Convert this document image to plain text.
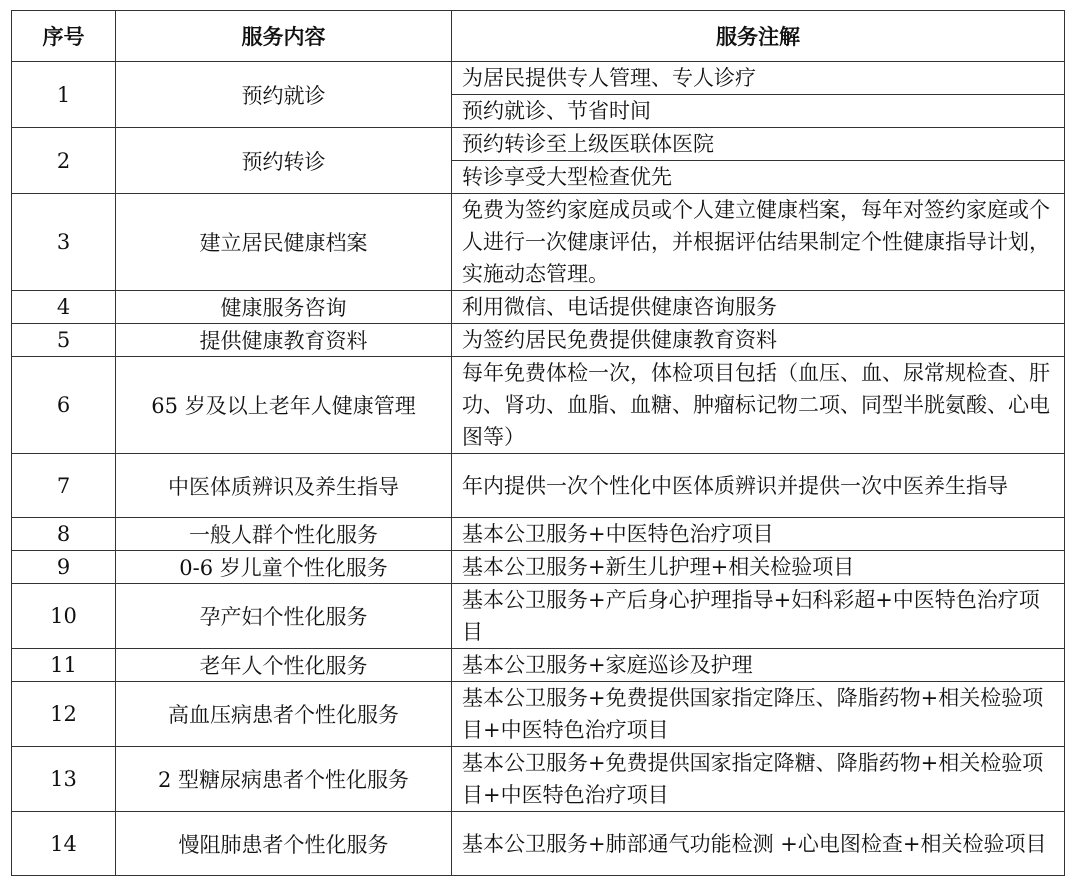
序号	服务内容	服务注解
1	预约就诊	为居民提供专人管理、专人诊疗
		预约就诊、节省时间
2	预约转诊	预约转诊至上级医联体医院
		转诊享受大型检查优先
3	建立居民健康档案	免费为签约家庭成员或个人建立健康档案，每年对签约家庭或个人进行一次健康评估，并根据评估结果制定个性健康指导计划，实施动态管理。
4	健康服务咨询	利用微信、电话提供健康咨询服务
5	提供健康教育资料	为签约居民免费提供健康教育资料
6	65 岁及以上老年人健康管理	每年免费体检一次，体检项目包括（血压、血、尿常规检查、肝功、肾功、血脂、血糖、肿瘤标记物二项、同型半胱氨酸、心电图等）
7	中医体质辨识及养生指导	年内提供一次个性化中医体质辨识并提供一次中医养生指导
8	一般人群个性化服务	基本公卫服务+中医特色治疗项目
9	0-6 岁儿童个性化服务	基本公卫服务+新生儿护理+相关检验项目
10	孕产妇个性化服务	基本公卫服务+产后身心护理指导+妇科彩超+中医特色治疗项目
11	老年人个性化服务	基本公卫服务+家庭巡诊及护理
12	高血压病患者个性化服务	基本公卫服务+免费提供国家指定降压、降脂药物+相关检验项目+中医特色治疗项目
13	2 型糖尿病患者个性化服务	基本公卫服务+免费提供国家指定降糖、降脂药物+相关检验项目+中医特色治疗项目
14	慢阻肺患者个性化服务	基本公卫服务+肺部通气功能检测 +心电图检查+相关检验项目
